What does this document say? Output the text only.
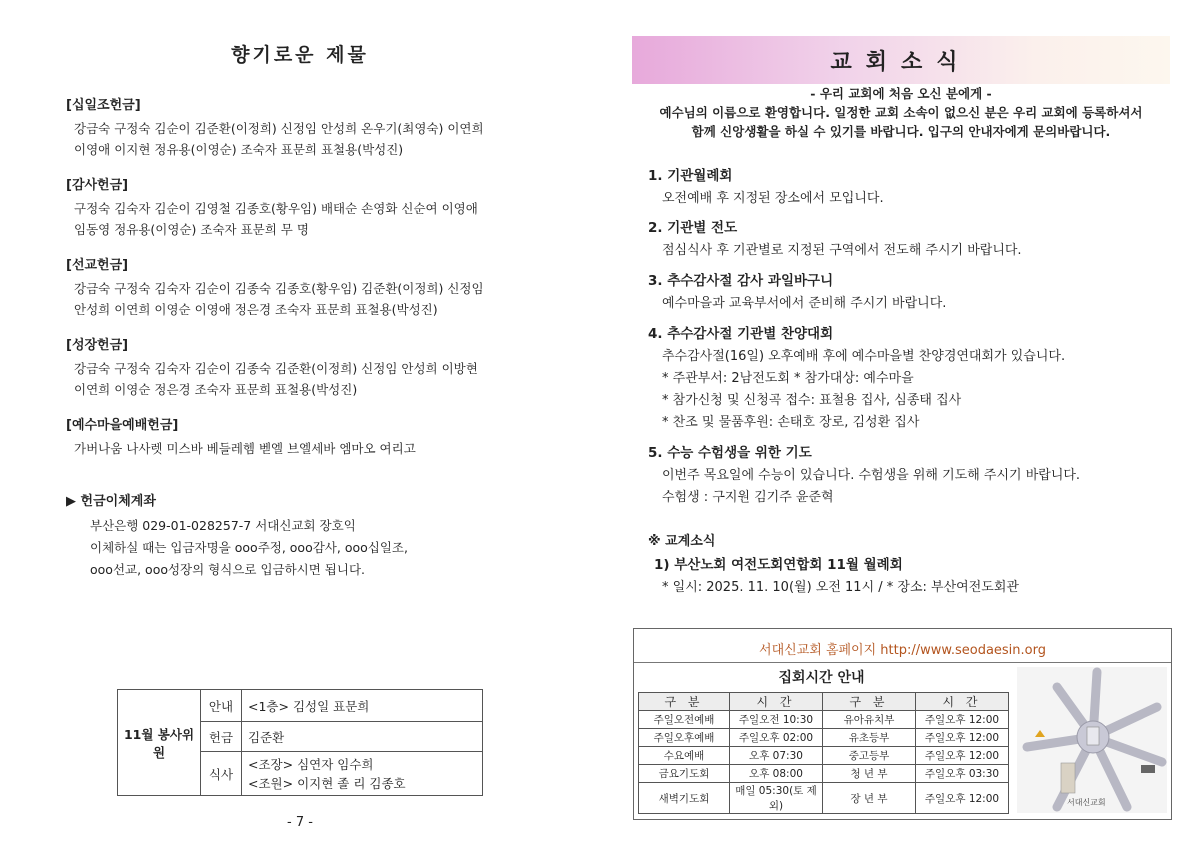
향기로운 제물
[십일조헌금]
강금숙 구정숙 김순이 김준환(이정희) 신정임 안성희 온우기(최영숙) 이연희
이영애 이지현 정유용(이영순) 조숙자 표문희 표철용(박성진)
[감사헌금]
구정숙 김숙자 김순이 김영철 김종호(황우임) 배태순 손영화 신순여 이영애
임동영 정유용(이영순) 조숙자 표문희 무 명
[선교헌금]
강금숙 구정숙 김숙자 김순이 김종숙 김종호(황우임) 김준환(이정희) 신정임
안성희 이연희 이영순 이영애 정은경 조숙자 표문희 표철용(박성진)
[성장헌금]
강금숙 구정숙 김숙자 김순이 김종숙 김준환(이정희) 신정임 안성희 이방현
이연희 이영순 정은경 조숙자 표문희 표철용(박성진)
[예수마을예배헌금]
가버나움 나사렛 미스바 베들레헴 벧엘 브엘세바 엠마오 여리고
▶ 헌금이체계좌
부산은행 029-01-028257-7 서대신교회 장호익
이체하실 때는 입금자명을 ooo주정, ooo감사, ooo십일조,
ooo선교, ooo성장의 형식으로 입금하시면 됩니다.
11월 봉사위원	안내	<1층> 김성일 표문희
	헌금	김준환
	식사	<조장> 심연자 임수희
<조원> 이지현 졸 리 김종호
- 7 -
교회소식
- 우리 교회에 처음 오신 분에게 -
예수님의 이름으로 환영합니다. 일정한 교회 소속이 없으신 분은 우리 교회에 등록하셔서
함께 신앙생활을 하실 수 있기를 바랍니다. 입구의 안내자에게 문의바랍니다.
1. 기관월례회
오전예배 후 지정된 장소에서 모입니다.
2. 기관별 전도
점심식사 후 기관별로 지정된 구역에서 전도해 주시기 바랍니다.
3. 추수감사절 감사 과일바구니
예수마을과 교육부서에서 준비해 주시기 바랍니다.
4. 추수감사절 기관별 찬양대회
추수감사절(16일) 오후예배 후에 예수마을별 찬양경연대회가 있습니다.
* 주관부서: 2남전도회 * 참가대상: 예수마을
* 참가신청 및 신청곡 접수: 표철용 집사, 심종태 집사
* 찬조 및 물품후원: 손태호 장로, 김성환 집사
5. 수능 수험생을 위한 기도
이번주 목요일에 수능이 있습니다. 수험생을 위해 기도해 주시기 바랍니다.
수험생 : 구지원 김기주 윤준혁
※ 교계소식
1) 부산노회 여전도회연합회 11월 월례회
* 일시: 2025. 11. 10(월) 오전 11시 / * 장소: 부산여전도회관
서대신교회 홈페이지 http://www.seodaesin.org
집회시간 안내
구 분	시 간	구 분	시 간
주일오전예배	주일오전 10:30	유아유치부	주일오후 12:00
주일오후예배	주일오후 02:00	유초등부	주일오후 12:00
수요예배	오후 07:30	중고등부	주일오후 12:00
금요기도회	오후 08:00	청 년 부	주일오후 03:30
새벽기도회	매일 05:30(토 제외)	장 년 부	주일오후 12:00	서대신교회
